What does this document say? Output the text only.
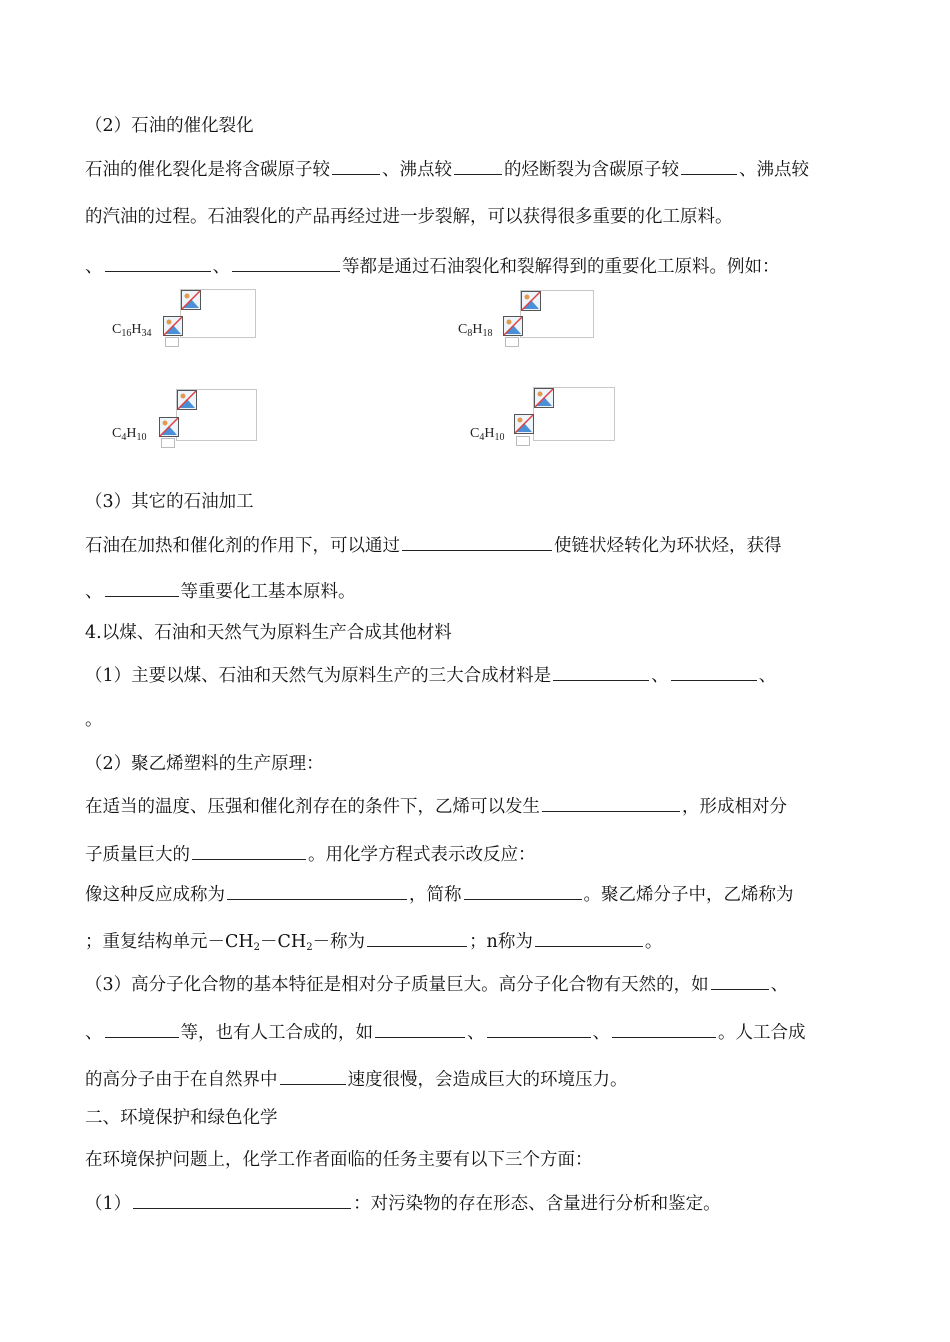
（2）石油的催化裂化
石油的催化裂化是将含碳原子较	、沸点较	的烃断裂为含碳原子较	、沸点较
的汽油的过程。石油裂化的产品再经过进一步裂解，可以获得很多重要的化工原料。
、	、	等都是通过石油裂化和裂解得到的重要化工原料。例如：
$C_{16}H_{34}$	$C_8H_{18}$
$C_4H_{10}$	$C_4H_{10}$
（3）其它的石油加工
石油在加热和催化剂的作用下，可以通过	使链状烃转化为环状烃，获得
、	等重要化工基本原料。
4.以煤、石油和天然气为原料生产合成其他材料
（1）主要以煤、石油和天然气为原料生产的三大合成材料是	、	、
。
（2）聚乙烯塑料的生产原理：
在适当的温度、压强和催化剂存在的条件下，乙烯可以发生	，形成相对分
子质量巨大的	。用化学方程式表示改反应：
像这种反应成称为	，简称	。聚乙烯分子中，乙烯称为
；重复结构单元$-CH_2-CH_2-$称为	；n称为	。
（3）高分子化合物的基本特征是相对分子质量巨大。高分子化合物有天然的，如	、
、	等，也有人工合成的，如	、	、	。人工合成
的高分子由于在自然界中	速度很慢，会造成巨大的环境压力。
二、环境保护和绿色化学
在环境保护问题上，化学工作者面临的任务主要有以下三个方面：
（1）	：对污染物的存在形态、含量进行分析和鉴定。
